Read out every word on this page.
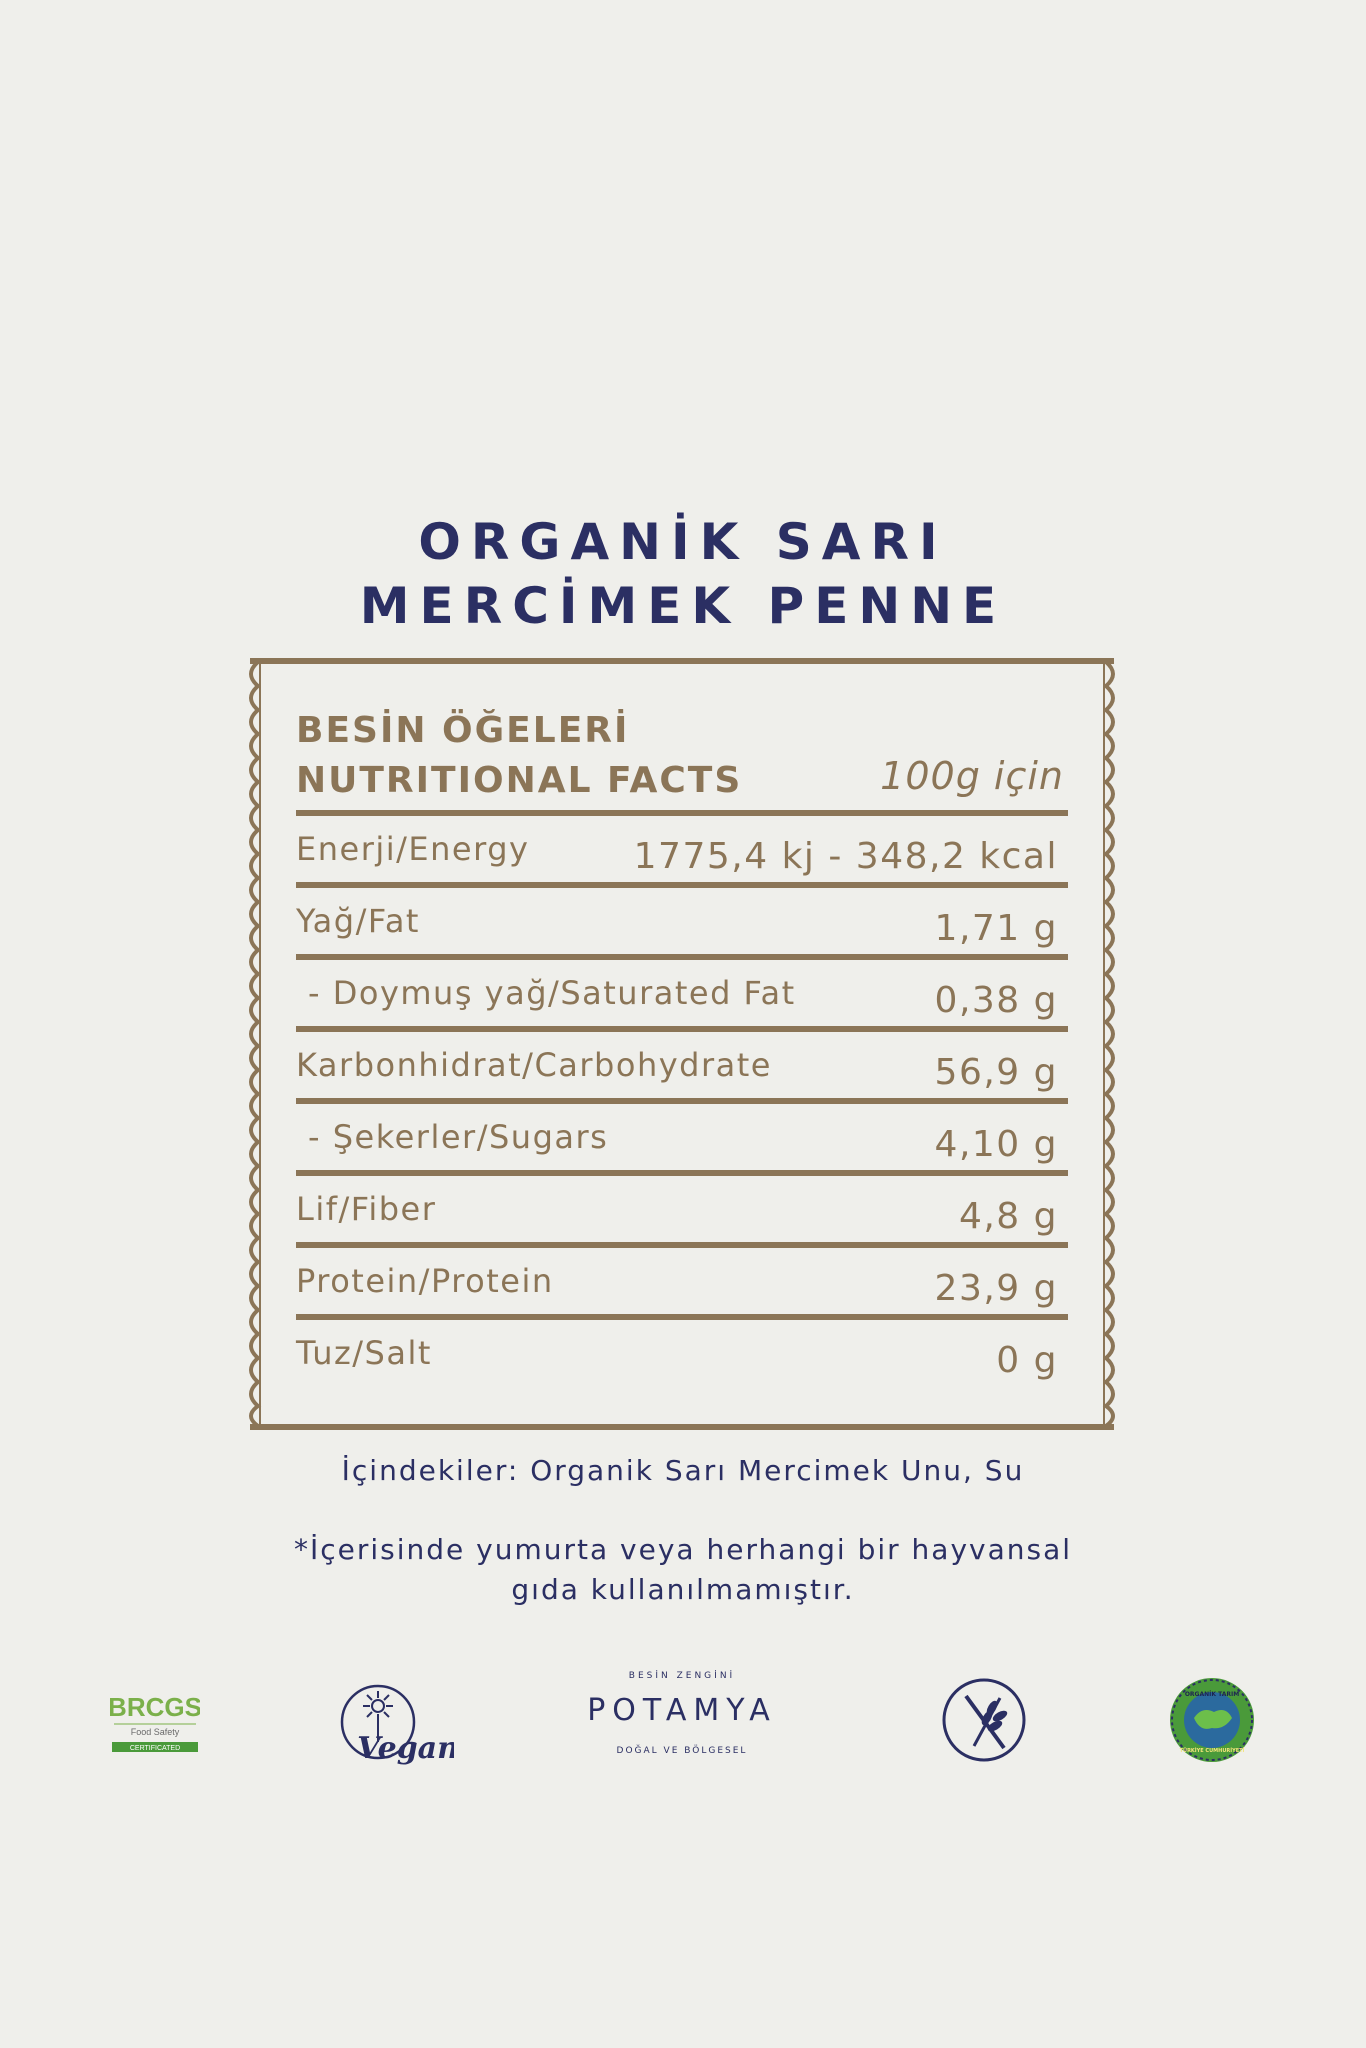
ORGANİK SARI
MERCİMEK PENNE
BESİN ÖĞELERİ
NUTRITIONAL FACTS	100g için
Enerji/Energy	1775,4 kj - 348,2 kcal
Yağ/Fat	1,71 g
- Doymuş yağ/Saturated Fat	0,38 g
Karbonhidrat/Carbohydrate	56,9 g
- Şekerler/Sugars	4,10 g
Lif/Fiber	4,8 g
Protein/Protein	23,9 g
Tuz/Salt	0 g
İçindekiler: Organik Sarı Mercimek Unu, Su
*İçerisinde yumurta veya herhangi bir hayvansal
gıda kullanılmamıştır.
BRCGS
Food Safety
CERTIFICATED	Vegan
BESİN ZENGİNİ
POTAMYA
DOĞAL VE BÖLGESEL
ORGANİK TARIM
TÜRKİYE CUMHURİYETİ
